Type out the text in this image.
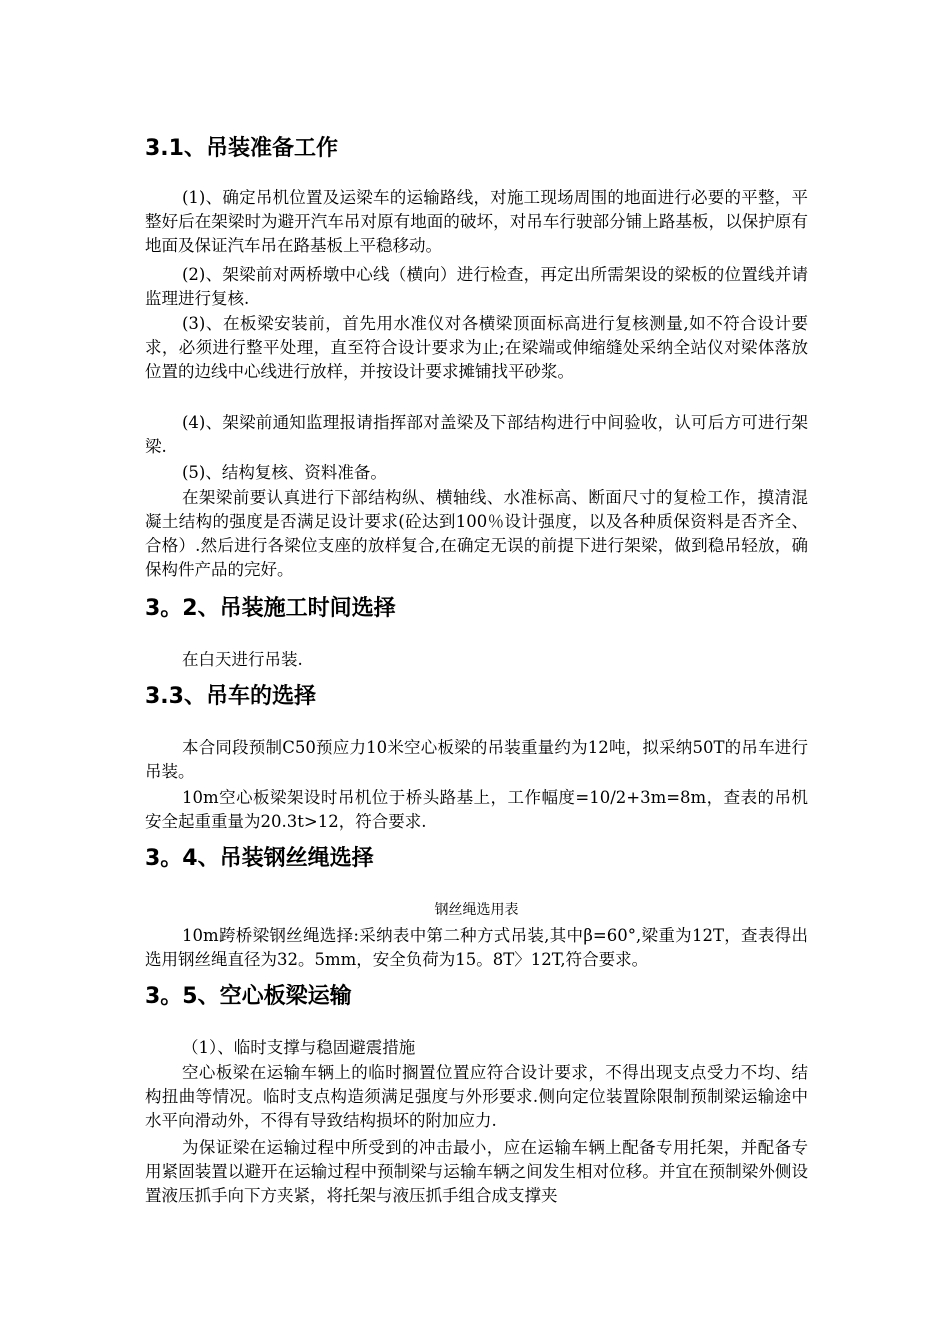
3.1、吊装准备工作

(1)、确定吊机位置及运梁车的运输路线，对施工现场周围的地面进行必要的平整，平整好后在架梁时为避开汽车吊对原有地面的破坏，对吊车行驶部分铺上路基板，以保护原有地面及保证汽车吊在路基板上平稳移动。

(2)、架梁前对两桥墩中心线（横向）进行检查，再定出所需架设的梁板的位置线并请监理进行复核.

(3)、在板梁安装前，首先用水准仪对各横梁顶面标高进行复核测量,如不符合设计要求，必须进行整平处理，直至符合设计要求为止;在梁端或伸缩缝处采纳全站仪对梁体落放位置的边线中心线进行放样，并按设计要求摊铺找平砂浆。

(4)、架梁前通知监理报请指挥部对盖梁及下部结构进行中间验收，认可后方可进行架梁.

(5)、结构复核、资料准备。

在架梁前要认真进行下部结构纵、横轴线、水准标高、断面尺寸的复检工作，摸清混凝土结构的强度是否满足设计要求(砼达到100％设计强度，以及各种质保资料是否齐全、合格）.然后进行各梁位支座的放样复合,在确定无误的前提下进行架梁，做到稳吊轻放，确保构件产品的完好。

3。2、吊装施工时间选择

在白天进行吊装.

3.3、吊车的选择

本合同段预制C50预应力10米空心板梁的吊装重量约为12吨，拟采纳50T的吊车进行吊装。

10m空心板梁架设时吊机位于桥头路基上，工作幅度=10/2+3m=8m，查表的吊机安全起重重量为20.3t>12，符合要求.

3。4、吊装钢丝绳选择

钢丝绳选用表

10m跨桥梁钢丝绳选择:采纳表中第二种方式吊装,其中β=60°,梁重为12T，查表得出选用钢丝绳直径为32。5mm，安全负荷为15。8T〉12T,符合要求。

3。5、空心板梁运输

（1）、临时支撑与稳固避震措施

空心板梁在运输车辆上的临时搁置位置应符合设计要求，不得出现支点受力不均、结构扭曲等情况。临时支点构造须满足强度与外形要求.侧向定位装置除限制预制梁运输途中水平向滑动外，不得有导致结构损坏的附加应力.

为保证梁在运输过程中所受到的冲击最小，应在运输车辆上配备专用托架，并配备专用紧固装置以避开在运输过程中预制梁与运输车辆之间发生相对位移。并宜在预制梁外侧设置液压抓手向下方夹紧，将托架与液压抓手组合成支撑夹
